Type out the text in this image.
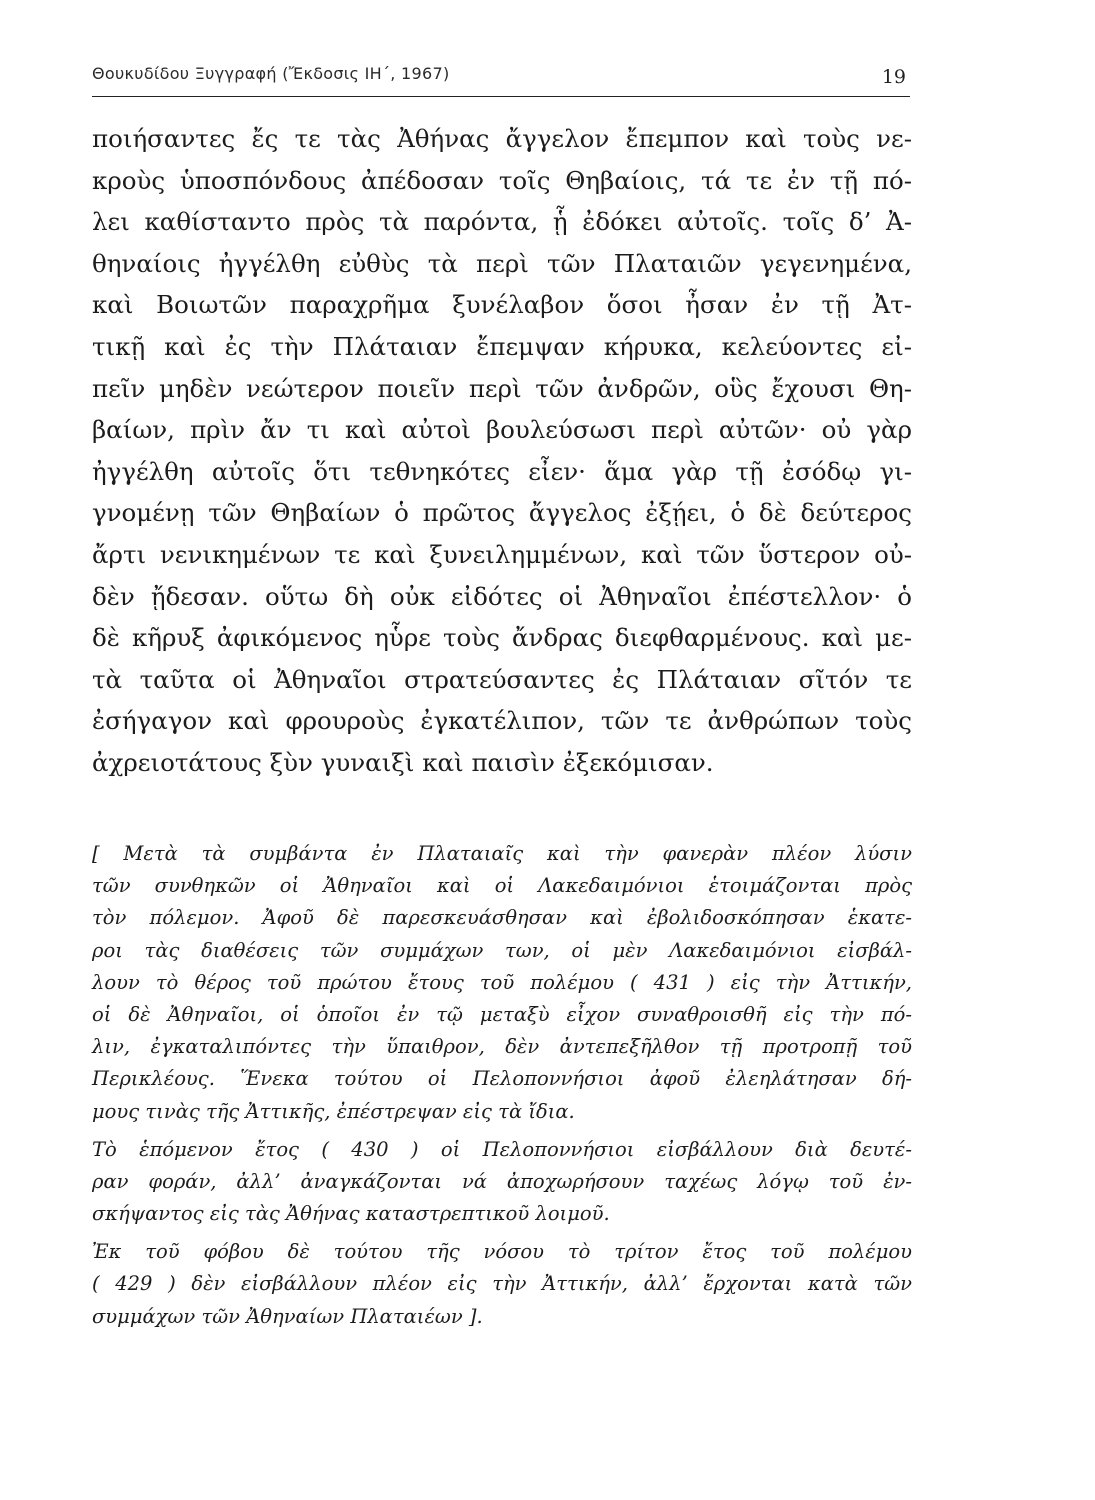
Θουκυδίδου Ξυγγραφή (Ἔκδοσις ΙΗ΄, 1967)	19
ποιήσαντες ἔς τε τὰς Ἀθήνας ἄγγελον ἔπεμπον καὶ τοὺς νε-
κροὺς ὑποσπόνδους ἀπέδοσαν τοῖς Θηβαίοις, τά τε ἐν τῇ πό-
λει καθίσταντο πρὸς τὰ παρόντα, ᾗ ἐδόκει αὐτοῖς. τοῖς δ’ Ἀ-
θηναίοις ἠγγέλθη εὐθὺς τὰ περὶ τῶν Πλαταιῶν γεγενημένα,
καὶ Βοιωτῶν παραχρῆμα ξυνέλαβον ὅσοι ἦσαν ἐν τῇ Ἀτ-
τικῇ καὶ ἐς τὴν Πλάταιαν ἔπεμψαν κήρυκα, κελεύοντες εἰ-
πεῖν μηδὲν νεώτερον ποιεῖν περὶ τῶν ἀνδρῶν, οὓς ἔχουσι Θη-
βαίων, πρὶν ἄν τι καὶ αὐτοὶ βουλεύσωσι περὶ αὐτῶν· οὐ γὰρ
ἠγγέλθη αὐτοῖς ὅτι τεθνηκότες εἶεν· ἅμα γὰρ τῇ ἐσόδῳ γι-
γνομένῃ τῶν Θηβαίων ὁ πρῶτος ἄγγελος ἐξῄει, ὁ δὲ δεύτερος
ἄρτι νενικημένων τε καὶ ξυνειλημμένων, καὶ τῶν ὕστερον οὐ-
δὲν ᾔδεσαν. οὕτω δὴ οὐκ εἰδότες οἱ Ἀθηναῖοι ἐπέστελλον· ὁ
δὲ κῆρυξ ἀφικόμενος ηὗρε τοὺς ἄνδρας διεφθαρμένους. καὶ με-
τὰ ταῦτα οἱ Ἀθηναῖοι στρατεύσαντες ἐς Πλάταιαν σῖτόν τε
ἐσήγαγον καὶ φρουροὺς ἐγκατέλιπον, τῶν τε ἀνθρώπων τοὺς
ἀχρειοτάτους ξὺν γυναιξὶ καὶ παισὶν ἐξεκόμισαν.
[ Μετὰ τὰ συμβάντα ἐν Πλαταιαῖς καὶ τὴν φανερὰν πλέον λύσιν
τῶν συνθηκῶν οἱ Ἀθηναῖοι καὶ οἱ Λακεδαιμόνιοι ἑτοιμάζονται πρὸς
τὸν πόλεμον. Ἀφοῦ δὲ παρεσκευάσθησαν καὶ ἐβολιδοσκόπησαν ἑκατε-
ροι τὰς διαθέσεις τῶν συμμάχων των, οἱ μὲν Λακεδαιμόνιοι εἰσβάλ-
λουν τὸ θέρος τοῦ πρώτου ἔτους τοῦ πολέμου ( 431 ) εἰς τὴν Ἀττικήν,
οἱ δὲ Ἀθηναῖοι, οἱ ὁποῖοι ἐν τῷ μεταξὺ εἶχον συναθροισθῆ εἰς τὴν πό-
λιν, ἐγκαταλιπόντες τὴν ὕπαιθρον, δὲν ἀντεπεξῆλθον τῇ προτροπῇ τοῦ
Περικλέους. Ἕνεκα τούτου οἱ Πελοποννήσιοι ἀφοῦ ἐλεηλάτησαν δή-
μους τινὰς τῆς Ἀττικῆς, ἐπέστρεψαν εἰς τὰ ἴδια.
Τὸ ἑπόμενον ἔτος ( 430 ) οἱ Πελοποννήσιοι εἰσβάλλουν διὰ δευτέ-
ραν φοράν, ἀλλ’ ἀναγκάζονται νά ἀποχωρήσουν ταχέως λόγῳ τοῦ ἐν-
σκήψαντος εἰς τὰς Ἀθήνας καταστρεπτικοῦ λοιμοῦ.
Ἐκ τοῦ φόβου δὲ τούτου τῆς νόσου τὸ τρίτον ἔτος τοῦ πολέμου
( 429 ) δὲν εἰσβάλλουν πλέον εἰς τὴν Ἀττικήν, ἀλλ’ ἔρχονται κατὰ τῶν
συμμάχων τῶν Ἀθηναίων Πλαταιέων ].
